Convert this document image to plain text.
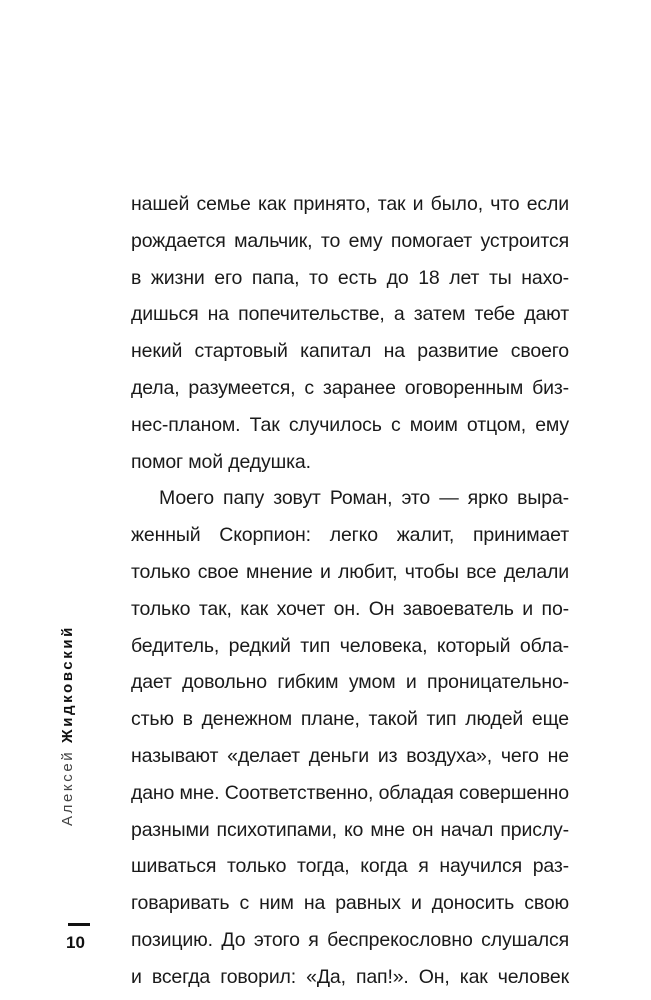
Алексей Жидковский
нашей семье как принято, так и было, что если
рождается мальчик, то ему помогает устроится
в жизни его папа, то есть до 18 лет ты нахо-
дишься на попечительстве, а затем тебе дают
некий стартовый капитал на развитие своего
дела, разумеется, с заранее оговоренным биз-
нес-планом. Так случилось с моим отцом, ему
помог мой дедушка.
Моего папу зовут Роман, это — ярко выра-
женный Скорпион: легко жалит, принимает
только свое мнение и любит, чтобы все делали
только так, как хочет он. Он завоеватель и по-
бедитель, редкий тип человека, который обла-
дает довольно гибким умом и проницательно-
стью в денежном плане, такой тип людей еще
называют «делает деньги из воздуха», чего не
дано мне. Соответственно, обладая совершенно
разными психотипами, ко мне он начал прислу-
шиваться только тогда, когда я научился раз-
говаривать с ним на равных и доносить свою
позицию. До этого я беспрекословно слушался
и всегда говорил: «Да, пап!». Он, как человек
10
